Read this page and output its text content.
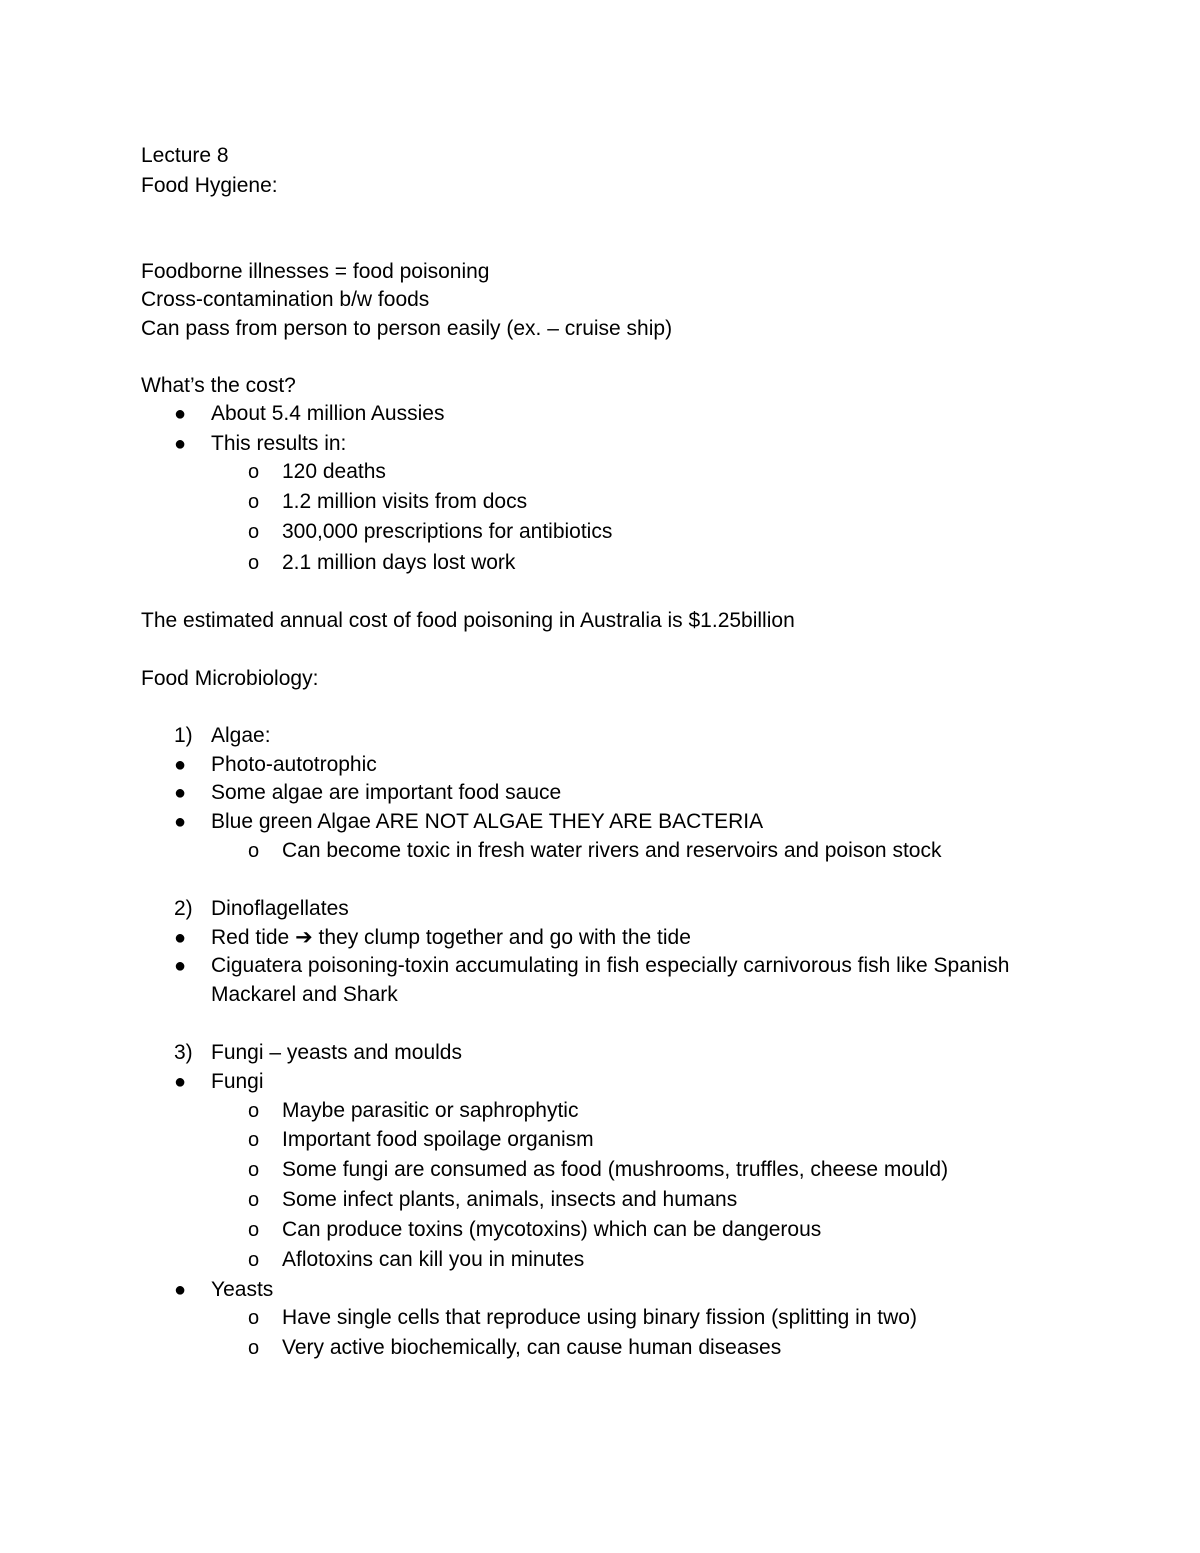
Lecture 8
Food Hygiene:
Foodborne illnesses = food poisoning
Cross-contamination b/w foods
Can pass from person to person easily (ex. – cruise ship)
What’s the cost?
● About 5.4 million Aussies
● This results in:
o 120 deaths
o 1.2 million visits from docs
o 300,000 prescriptions for antibiotics
o 2.1 million days lost work
The estimated annual cost of food poisoning in Australia is $1.25billion
Food Microbiology:
1) Algae:
● Photo-autotrophic
● Some algae are important food sauce
● Blue green Algae ARE NOT ALGAE THEY ARE BACTERIA
o Can become toxic in fresh water rivers and reservoirs and poison stock
2) Dinoflagellates
● Red tide ➔ they clump together and go with the tide
● Ciguatera poisoning-toxin accumulating in fish especially carnivorous fish like Spanish
Mackarel and Shark
3) Fungi – yeasts and moulds
● Fungi
o Maybe parasitic or saphrophytic
o Important food spoilage organism
o Some fungi are consumed as food (mushrooms, truffles, cheese mould)
o Some infect plants, animals, insects and humans
o Can produce toxins (mycotoxins) which can be dangerous
o Aflotoxins can kill you in minutes
● Yeasts
o Have single cells that reproduce using binary fission (splitting in two)
o Very active biochemically, can cause human diseases
